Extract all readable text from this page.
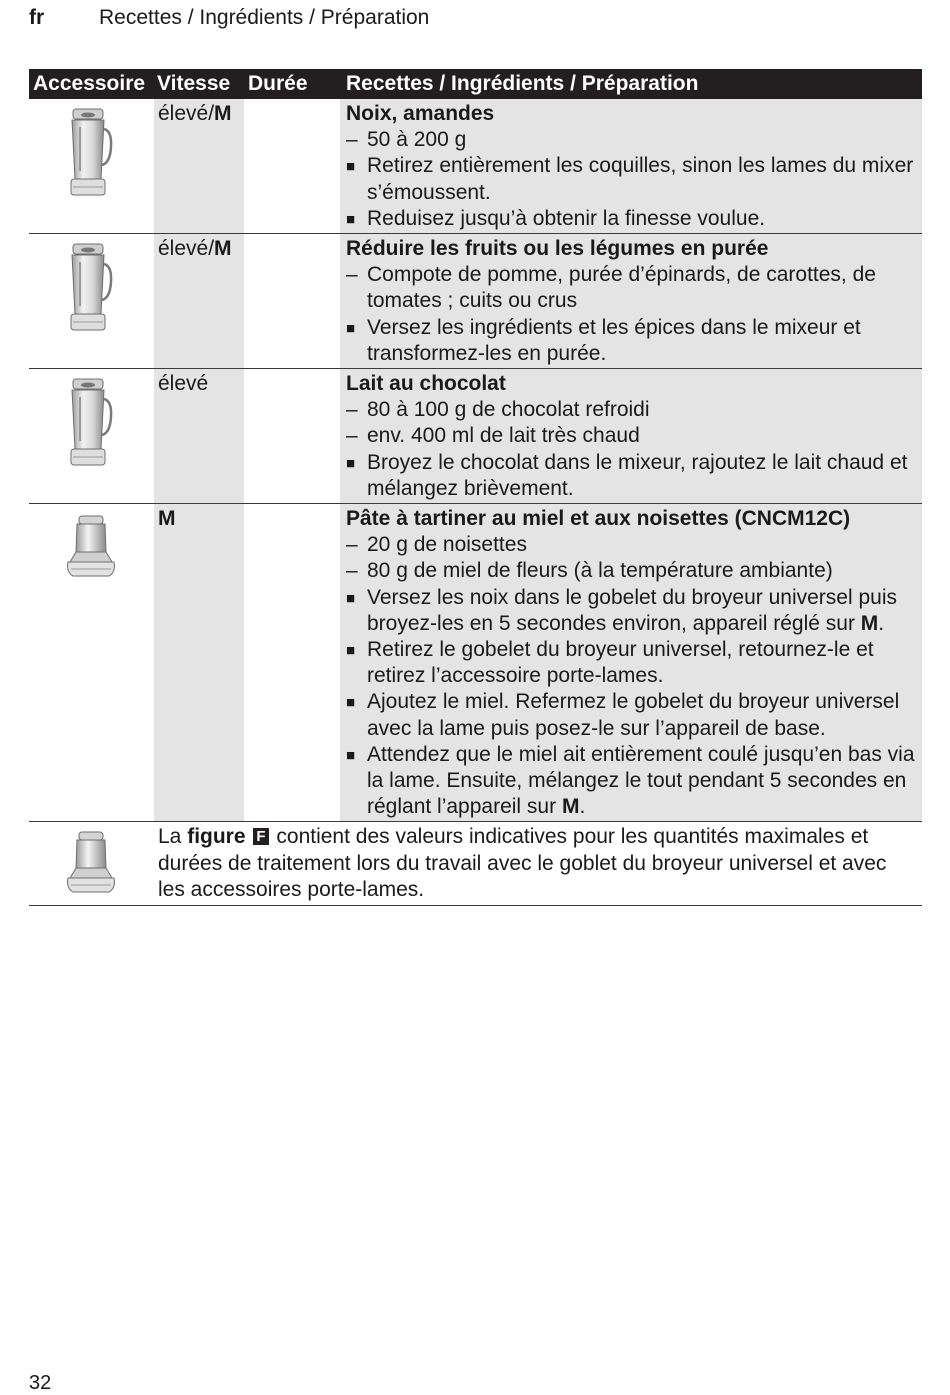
fr	Recettes / Ingrédients / Préparation
Accessoire Vitesse Durée Recettes / Ingrédients / Préparation
élevé/M	Noix, amandes
– 50 à 200 g
■ Retirez entièrement les coquilles, sinon les lames du mixer s’émoussent.
■ Reduisez jusqu’à obtenir la finesse voulue.
élevé/M	Réduire les fruits ou les légumes en purée
– Compote de pomme, purée d’épinards, de carottes, de tomates ; cuits ou crus
■ Versez les ingrédients et les épices dans le mixeur et transformez-les en purée.
élevé	Lait au chocolat
– 80 à 100 g de chocolat refroidi
– env. 400 ml de lait très chaud
■ Broyez le chocolat dans le mixeur, rajoutez le lait chaud et mélangez brièvement.
M	Pâte à tartiner au miel et aux noisettes (CNCM12C)
– 20 g de noisettes
– 80 g de miel de fleurs (à la température ambiante)
■ Versez les noix dans le gobelet du broyeur universel puis broyez-les en 5 secondes environ, appareil réglé sur M.
■ Retirez le gobelet du broyeur universel, retournez-le et retirez l’accessoire porte-lames.
■ Ajoutez le miel. Refermez le gobelet du broyeur universel avec la lame puis posez-le sur l’appareil de base.
■ Attendez que le miel ait entièrement coulé jusqu’en bas via la lame. Ensuite, mélangez le tout pendant 5 secondes en réglant l’appareil sur M.
La figure F contient des valeurs indicatives pour les quantités maximales et durées de traitement lors du travail avec le goblet du broyeur universel et avec les accessoires porte-lames.
32
